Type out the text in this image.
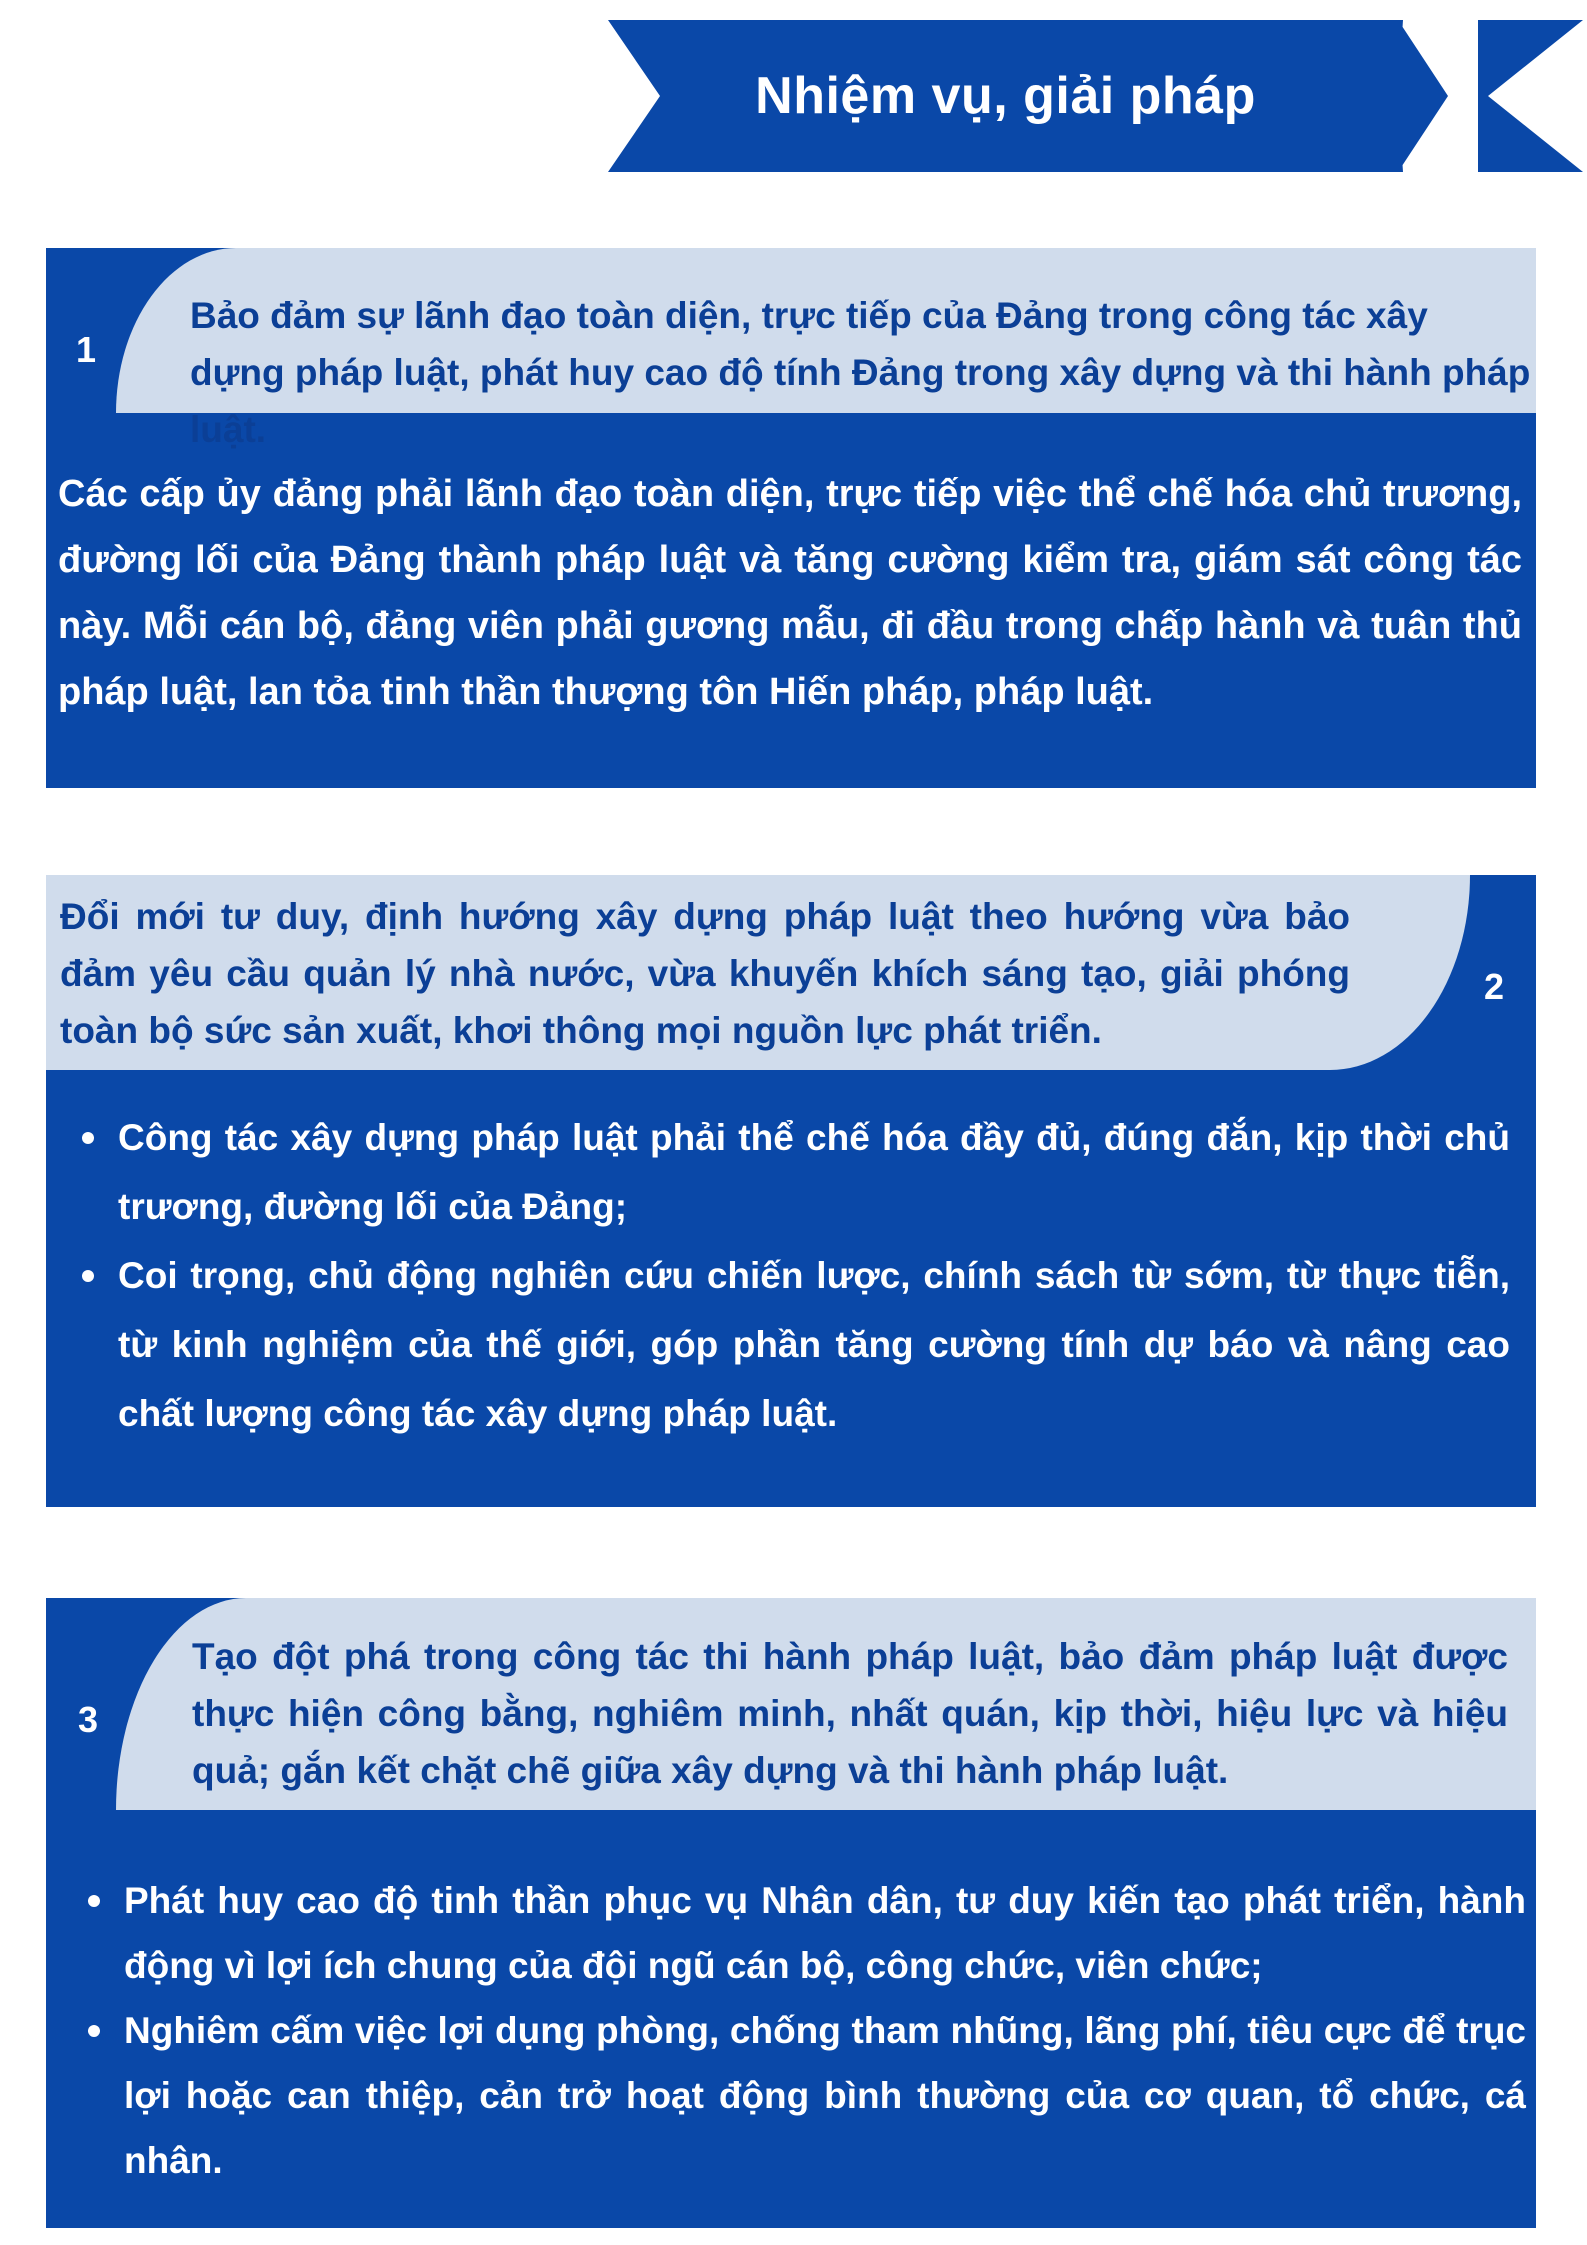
Nhiệm vụ, giải pháp
1
Bảo đảm sự lãnh đạo toàn diện, trực tiếp của Đảng trong công tác xây dựng pháp luật, phát huy cao độ tính Đảng trong xây dựng và thi hành pháp luật.

Các cấp ủy đảng phải lãnh đạo toàn diện, trực tiếp việc thể chế hóa chủ trương, đường lối của Đảng thành pháp luật và tăng cường kiểm tra, giám sát công tác này. Mỗi cán bộ, đảng viên phải gương mẫu, đi đầu trong chấp hành và tuân thủ pháp luật, lan tỏa tinh thần thượng tôn Hiến pháp, pháp luật.

Đổi mới tư duy, định hướng xây dựng pháp luật theo hướng vừa bảo đảm yêu cầu quản lý nhà nước, vừa khuyến khích sáng tạo, giải phóng toàn bộ sức sản xuất, khơi thông mọi nguồn lực phát triển.
2
Công tác xây dựng pháp luật phải thể chế hóa đầy đủ, đúng đắn, kịp thời chủ trương, đường lối của Đảng;
Coi trọng, chủ động nghiên cứu chiến lược, chính sách từ sớm, từ thực tiễn, từ kinh nghiệm của thế giới, góp phần tăng cường tính dự báo và nâng cao chất lượng công tác xây dựng pháp luật.
3
Tạo đột phá trong công tác thi hành pháp luật, bảo đảm pháp luật được thực hiện công bằng, nghiêm minh, nhất quán, kịp thời, hiệu lực và hiệu quả; gắn kết chặt chẽ giữa xây dựng và thi hành pháp luật.
Phát huy cao độ tinh thần phục vụ Nhân dân, tư duy kiến tạo phát triển, hành động vì lợi ích chung của đội ngũ cán bộ, công chức, viên chức;
Nghiêm cấm việc lợi dụng phòng, chống tham nhũng, lãng phí, tiêu cực để trục lợi hoặc can thiệp, cản trở hoạt động bình thường của cơ quan, tổ chức, cá nhân.
